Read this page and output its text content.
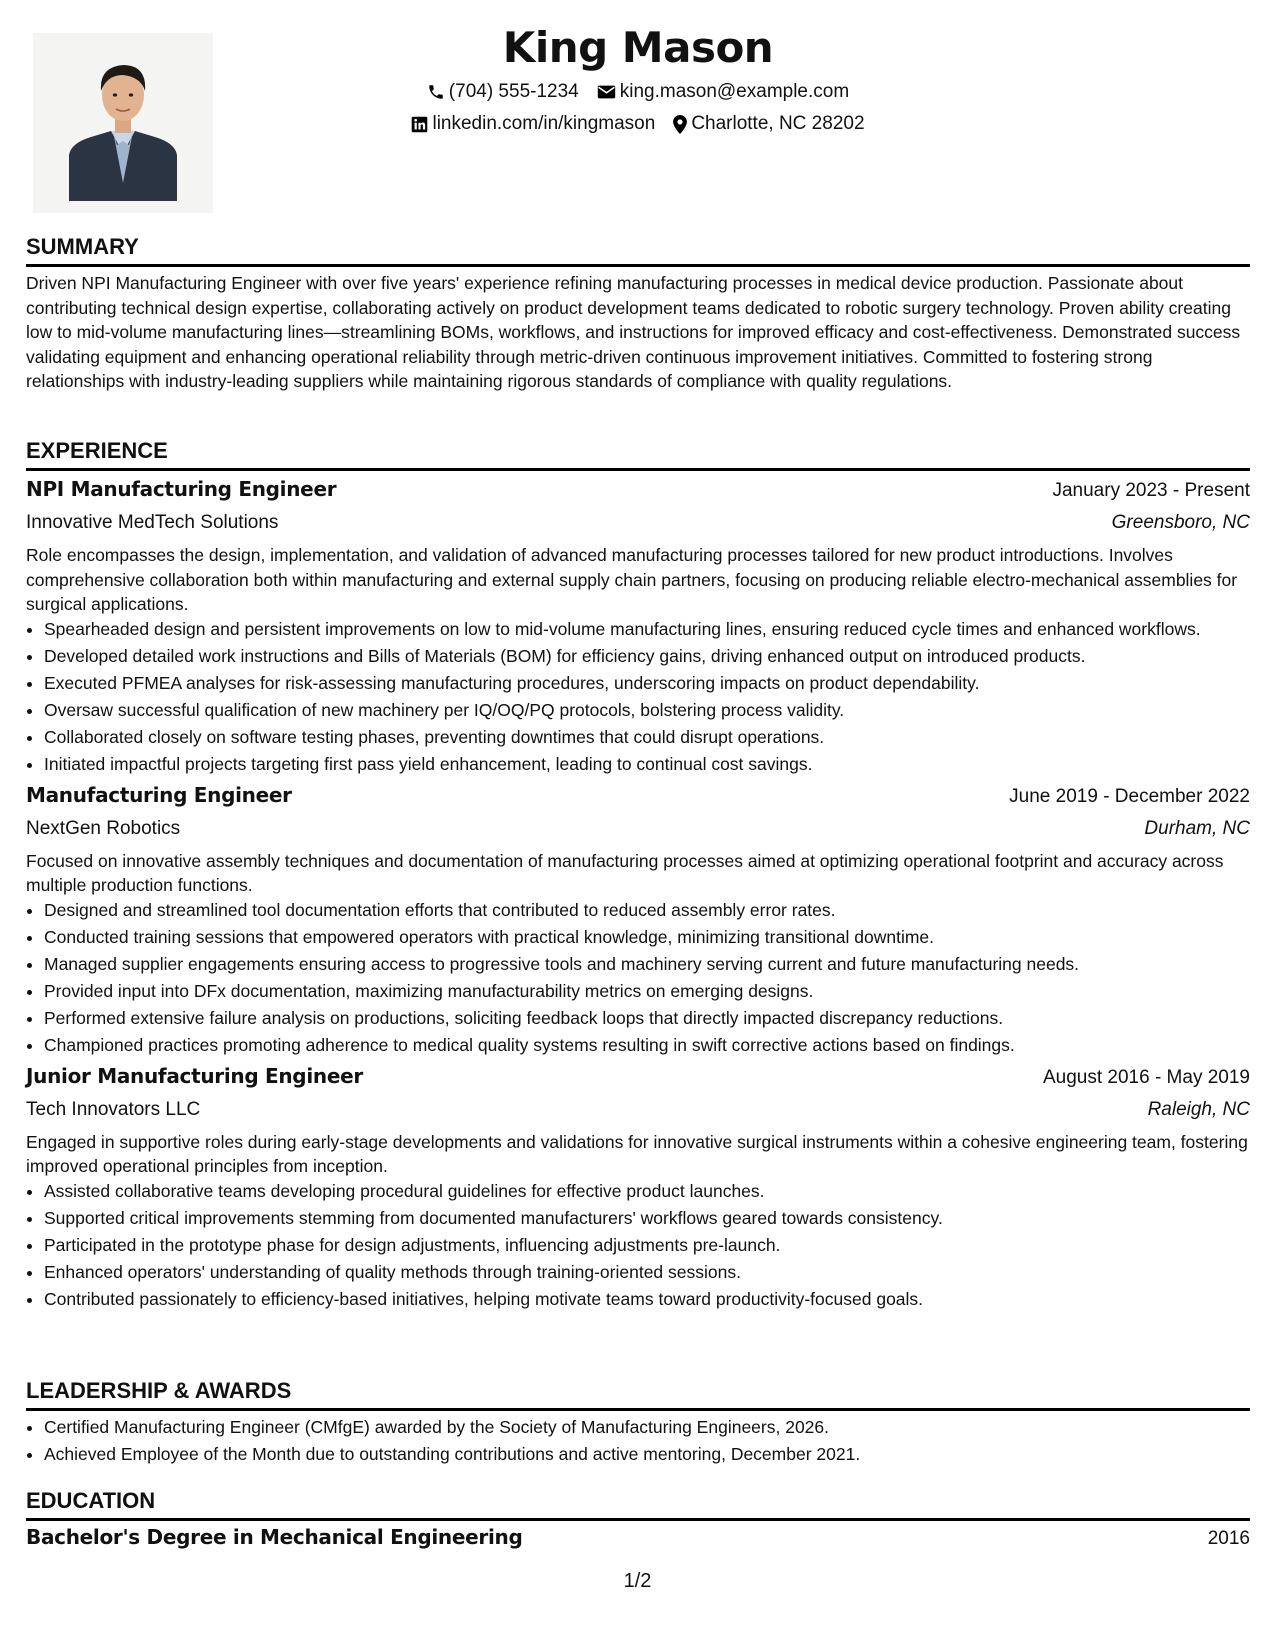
King Mason
(704) 555-1234 king.mason@example.com
linkedin.com/in/kingmason Charlotte, NC 28202
SUMMARY

Driven NPI Manufacturing Engineer with over five years' experience refining manufacturing processes in medical device production. Passionate about contributing technical design expertise, collaborating actively on product development teams dedicated to robotic surgery technology. Proven ability creating low to mid-volume manufacturing lines—streamlining BOMs, workflows, and instructions for improved efficacy and cost-effectiveness. Demonstrated success validating equipment and enhancing operational reliability through metric-driven continuous improvement initiatives. Committed to fostering strong relationships with industry-leading suppliers while maintaining rigorous standards of compliance with quality regulations.

EXPERIENCE
NPI Manufacturing Engineer	January 2023 - Present
Innovative MedTech Solutions	Greensboro, NC

Role encompasses the design, implementation, and validation of advanced manufacturing processes tailored for new product introductions. Involves comprehensive collaboration both within manufacturing and external supply chain partners, focusing on producing reliable electro-mechanical assemblies for surgical applications.

• Spearheaded design and persistent improvements on low to mid-volume manufacturing lines, ensuring reduced cycle times and enhanced workflows.
• Developed detailed work instructions and Bills of Materials (BOM) for efficiency gains, driving enhanced output on introduced products.
• Executed PFMEA analyses for risk-assessing manufacturing procedures, underscoring impacts on product dependability.
• Oversaw successful qualification of new machinery per IQ/OQ/PQ protocols, bolstering process validity.
• Collaborated closely on software testing phases, preventing downtimes that could disrupt operations.
• Initiated impactful projects targeting first pass yield enhancement, leading to continual cost savings.
Manufacturing Engineer	June 2019 - December 2022
NextGen Robotics	Durham, NC

Focused on innovative assembly techniques and documentation of manufacturing processes aimed at optimizing operational footprint and accuracy across multiple production functions.

• Designed and streamlined tool documentation efforts that contributed to reduced assembly error rates.
• Conducted training sessions that empowered operators with practical knowledge, minimizing transitional downtime.
• Managed supplier engagements ensuring access to progressive tools and machinery serving current and future manufacturing needs.
• Provided input into DFx documentation, maximizing manufacturability metrics on emerging designs.
• Performed extensive failure analysis on productions, soliciting feedback loops that directly impacted discrepancy reductions.
• Championed practices promoting adherence to medical quality systems resulting in swift corrective actions based on findings.
Junior Manufacturing Engineer	August 2016 - May 2019
Tech Innovators LLC	Raleigh, NC

Engaged in supportive roles during early-stage developments and validations for innovative surgical instruments within a cohesive engineering team, fostering improved operational principles from inception.

• Assisted collaborative teams developing procedural guidelines for effective product launches.
• Supported critical improvements stemming from documented manufacturers' workflows geared towards consistency.
• Participated in the prototype phase for design adjustments, influencing adjustments pre-launch.
• Enhanced operators' understanding of quality methods through training-oriented sessions.
• Contributed passionately to efficiency-based initiatives, helping motivate teams toward productivity-focused goals.
LEADERSHIP & AWARDS
• Certified Manufacturing Engineer (CMfgE) awarded by the Society of Manufacturing Engineers, 2026.
• Achieved Employee of the Month due to outstanding contributions and active mentoring, December 2021.
EDUCATION
Bachelor's Degree in Mechanical Engineering	2016
1/2
